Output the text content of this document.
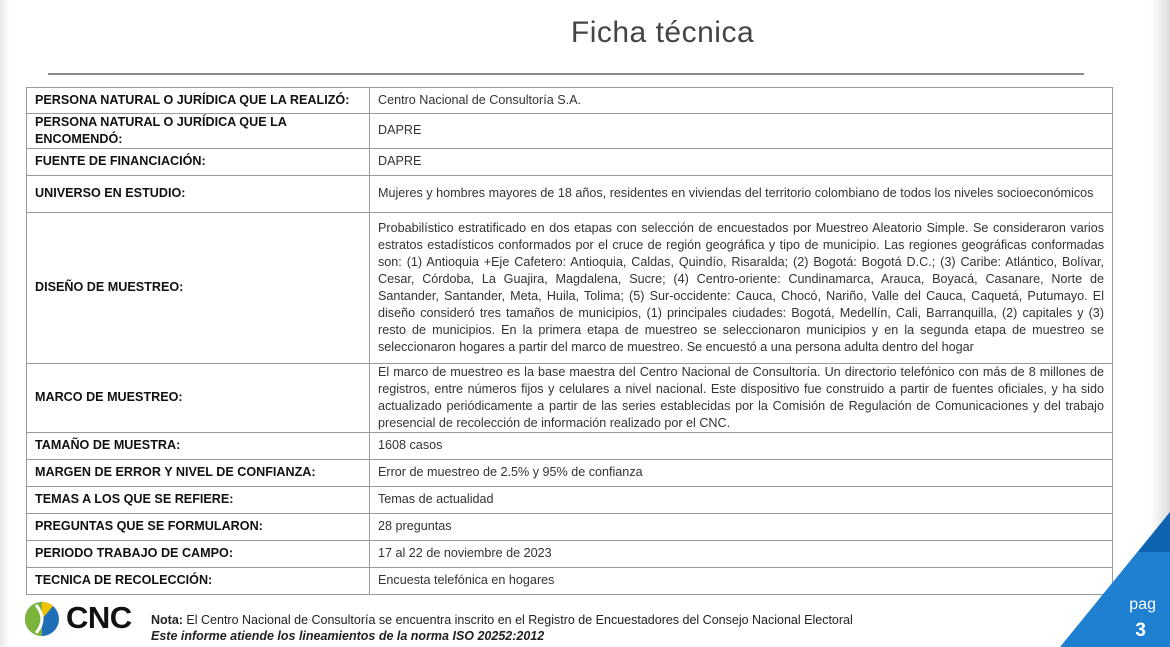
Ficha técnica
PERSONA NATURAL O JURÍDICA QUE LA REALIZÓ:	Centro Nacional de Consultoría S.A.
PERSONA NATURAL O JURÍDICA QUE LA ENCOMENDÓ:	DAPRE
FUENTE DE FINANCIACIÓN:	DAPRE
UNIVERSO EN ESTUDIO:	Mujeres y hombres mayores de 18 años, residentes en viviendas del territorio colombiano de todos los niveles socioeconómicos
DISEÑO DE MUESTREO:	Probabilístico estratificado en dos etapas con selección de encuestados por Muestreo Aleatorio Simple. Se consideraron varios estratos estadísticos conformados por el cruce de región geográfica y tipo de municipio. Las regiones geográficas conformadas son: (1) Antioquia +Eje Cafetero: Antioquia, Caldas, Quindío, Risaralda; (2) Bogotá: Bogotá D.C.; (3) Caribe: Atlántico, Bolívar, Cesar, Córdoba, La Guajira, Magdalena, Sucre; (4) Centro-oriente: Cundinamarca, Arauca, Boyacá, Casanare, Norte de Santander, Santander, Meta, Huila, Tolima; (5) Sur-occidente: Cauca, Chocó, Nariño, Valle del Cauca, Caquetá, Putumayo. El diseño consideró tres tamaños de municipios, (1) principales ciudades: Bogotá, Medellín, Cali, Barranquilla, (2) capitales y (3) resto de municipios. En la primera etapa de muestreo se seleccionaron municipios y en la segunda etapa de muestreo se seleccionaron hogares a partir del marco de muestreo. Se encuestó a una persona adulta dentro del hogar
MARCO DE MUESTREO:	El marco de muestreo es la base maestra del Centro Nacional de Consultoría. Un directorio telefónico con más de 8 millones de registros, entre números fijos y celulares a nivel nacional. Este dispositivo fue construido a partir de fuentes oficiales, y ha sido actualizado periódicamente a partir de las series establecidas por la Comisión de Regulación de Comunicaciones y del trabajo presencial de recolección de información realizado por el CNC.
TAMAÑO DE MUESTRA:	1608 casos
MARGEN DE ERROR Y NIVEL DE CONFIANZA:	Error de muestreo de 2.5% y 95% de confianza
TEMAS A LOS QUE SE REFIERE:	Temas de actualidad
PREGUNTAS QUE SE FORMULARON:	28 preguntas
PERIODO TRABAJO DE CAMPO:	17 al 22 de noviembre de 2023
TECNICA DE RECOLECCIÓN:	Encuesta telefónica en hogares
CNC Nota: El Centro Nacional de Consultoría se encuentra inscrito en el Registro de Encuestadores del Consejo Nacional Electoral
Este informe atiende los lineamientos de la norma ISO 20252:2012
pag
3
